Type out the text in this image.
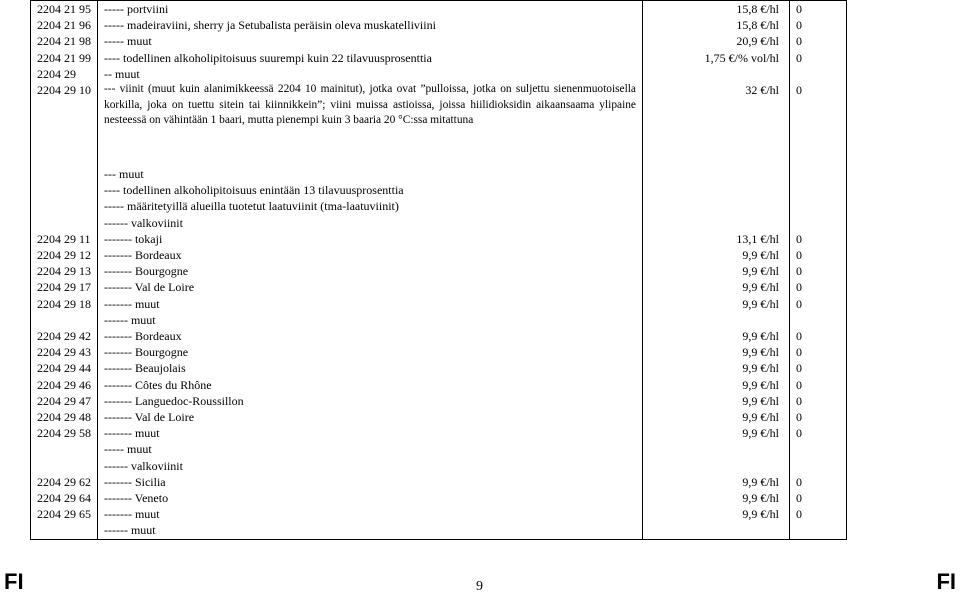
2204 21 95	----- portviini	15,8 €/hl	0
2204 21 96	----- madeiraviini, sherry ja Setubalista peräisin oleva muskatelliviini	15,8 €/hl	0
2204 21 98	----- muut	20,9 €/hl	0
2204 21 99	---- todellinen alkoholipitoisuus suurempi kuin 22 tilavuusprosenttia	1,75 €/% vol/hl	0
2204 29	-- muut		
2204 29 10	--- viinit (muut kuin alanimikkeessä 2204 10 mainitut), jotka ovat ”pulloissa, jotka on suljettu sienenmuotoisella korkilla, joka on tuettu sitein tai kiinnikkein”; viini muissa astioissa, joissa hiilidioksidin aikaansaama ylipaine nesteessä on vähintään 1 baari, mutta pienempi kuin 3 baaria 20 °C:ssa mitattuna	32 €/hl	0

	--- muut		
	---- todellinen alkoholipitoisuus enintään 13 tilavuusprosenttia		
	----- määritetyillä alueilla tuotetut laatuviinit (tma-laatuviinit)		
	------ valkoviinit		
2204 29 11	------- tokaji	13,1 €/hl	0
2204 29 12	------- Bordeaux	9,9 €/hl	0
2204 29 13	------- Bourgogne	9,9 €/hl	0
2204 29 17	------- Val de Loire	9,9 €/hl	0
2204 29 18	------- muut	9,9 €/hl	0
	------ muut		
2204 29 42	------- Bordeaux	9,9 €/hl	0
2204 29 43	------- Bourgogne	9,9 €/hl	0
2204 29 44	------- Beaujolais	9,9 €/hl	0
2204 29 46	------- Côtes du Rhône	9,9 €/hl	0
2204 29 47	------- Languedoc-Roussillon	9,9 €/hl	0
2204 29 48	------- Val de Loire	9,9 €/hl	0
2204 29 58	------- muut	9,9 €/hl	0
	----- muut		
	------ valkoviinit		
2204 29 62	------- Sicilia	9,9 €/hl	0
2204 29 64	------- Veneto	9,9 €/hl	0
2204 29 65	------- muut	9,9 €/hl	0
	------ muut		
FI	9	FI
